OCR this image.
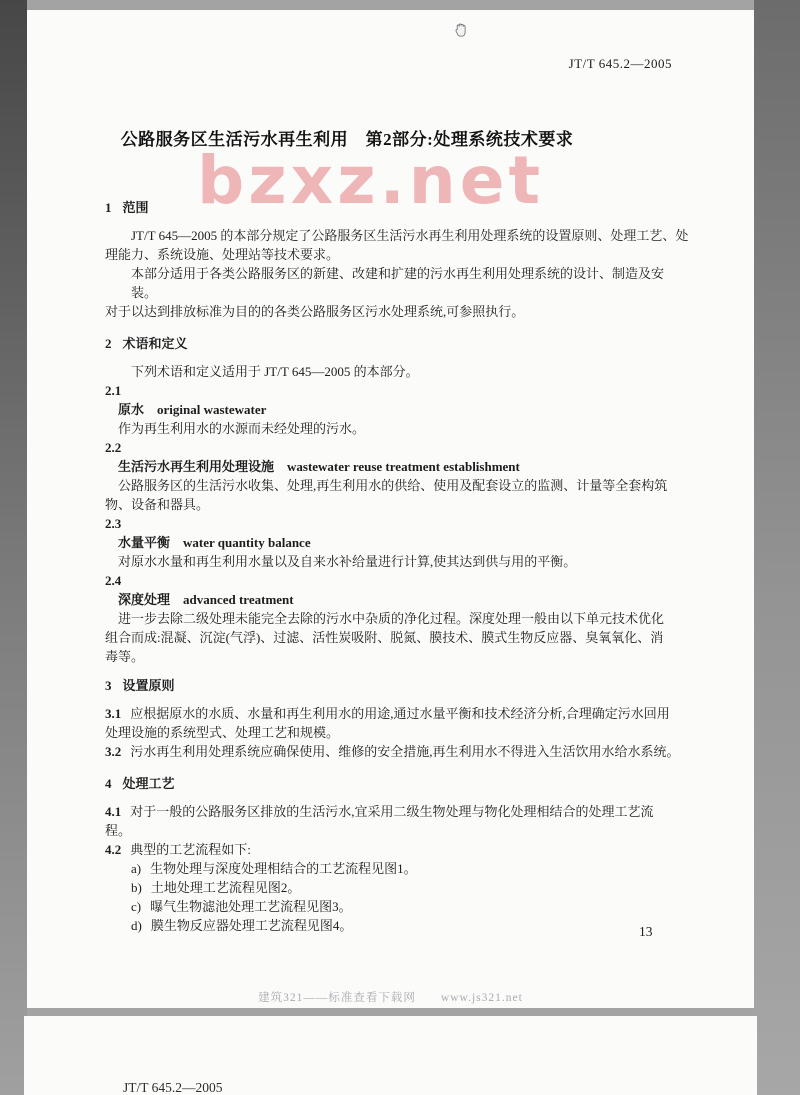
JT/T 645.2—2005
bzxz.net
公路服务区生活污水再生利用　第2部分:处理系统技术要求
1 范围
JT/T 645—2005 的本部分规定了公路服务区生活污水再生利用处理系统的设置原则、处理工艺、处
理能力、系统设施、处理站等技术要求。
本部分适用于各类公路服务区的新建、改建和扩建的污水再生利用处理系统的设计、制造及安装。
对于以达到排放标准为目的的各类公路服务区污水处理系统,可参照执行。
2 术语和定义
下列术语和定义适用于 JT/T 645—2005 的本部分。
2.1
原水　original wastewater
作为再生利用水的水源而未经处理的污水。
2.2
生活污水再生利用处理设施　wastewater reuse treatment establishment
公路服务区的生活污水收集、处理,再生利用水的供给、使用及配套设立的监测、计量等全套构筑
物、设备和器具。
2.3
水量平衡　water quantity balance
对原水水量和再生利用水量以及自来水补给量进行计算,使其达到供与用的平衡。
2.4
深度处理　advanced treatment
进一步去除二级处理未能完全去除的污水中杂质的净化过程。深度处理一般由以下单元技术优化
组合而成:混凝、沉淀(气浮)、过滤、活性炭吸附、脱氮、膜技术、膜式生物反应器、臭氧氧化、消
毒等。
3 设置原则
3.1 应根据原水的水质、水量和再生利用水的用途,通过水量平衡和技术经济分析,合理确定污水回用
处理设施的系统型式、处理工艺和规模。
3.2 污水再生利用处理系统应确保使用、维修的安全措施,再生利用水不得进入生活饮用水给水系统。
4 处理工艺
4.1 对于一般的公路服务区排放的生活污水,宜采用二级生物处理与物化处理相结合的处理工艺流
程。
4.2 典型的工艺流程如下:
a) 生物处理与深度处理相结合的工艺流程见图1。
b) 土地处理工艺流程见图2。
c) 曝气生物滤池处理工艺流程见图3。
d) 膜生物反应器处理工艺流程见图4。	13
建筑321——标准查看下载网　　www.js321.net
JT/T 645.2—2005
